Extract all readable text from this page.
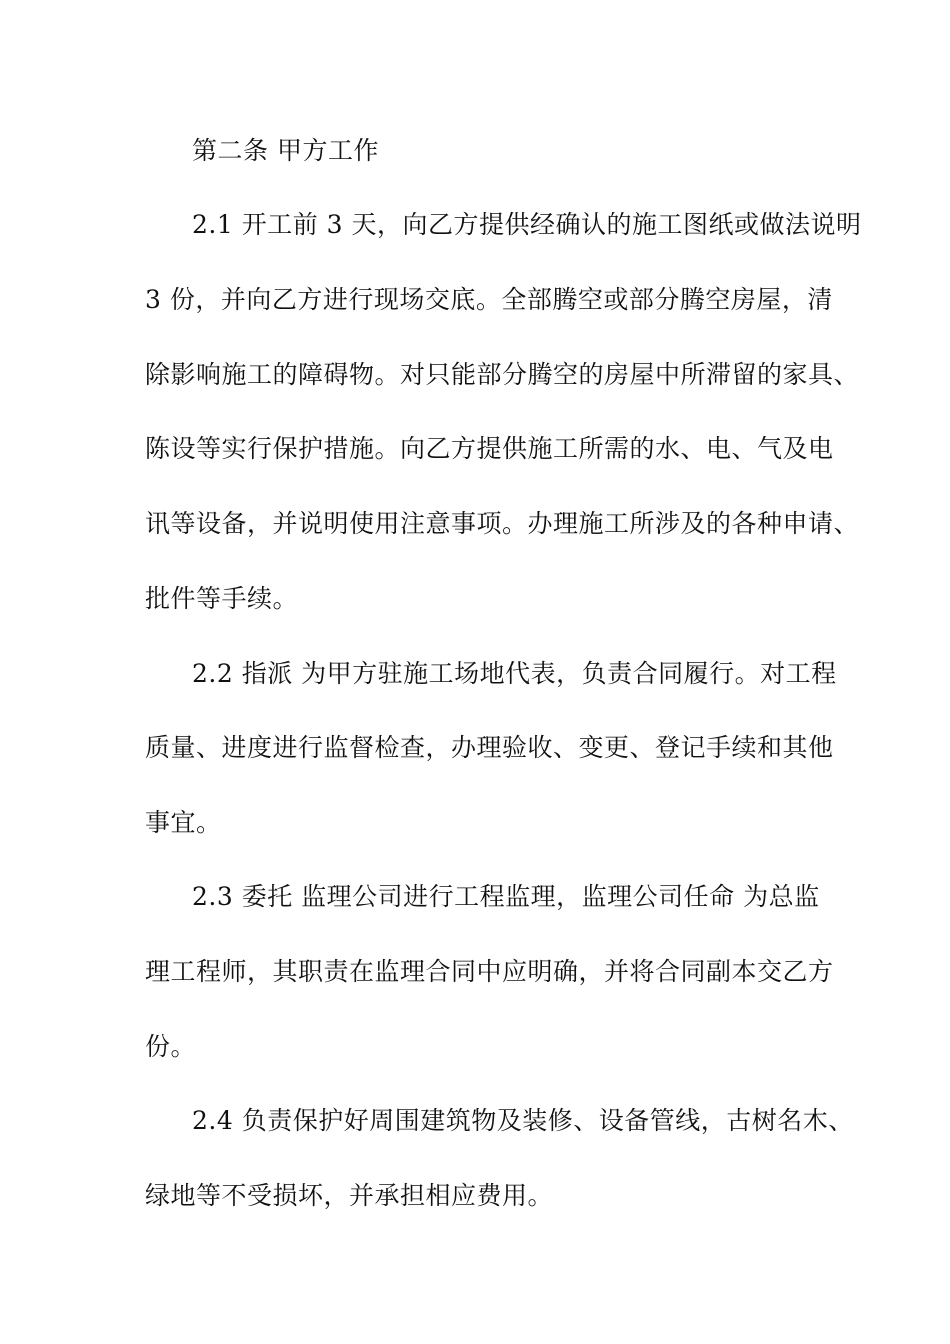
第二条 甲方工作
2.1 开工前 3 天，向乙方提供经确认的施工图纸或做法说明
3 份，并向乙方进行现场交底。全部腾空或部分腾空房屋，清
除影响施工的障碍物。对只能部分腾空的房屋中所滞留的家具、
陈设等实行保护措施。向乙方提供施工所需的水、电、气及电
讯等设备，并说明使用注意事项。办理施工所涉及的各种申请、
批件等手续。
2.2 指派 为甲方驻施工场地代表，负责合同履行。对工程
质量、进度进行监督检查，办理验收、变更、登记手续和其他
事宜。
2.3 委托 监理公司进行工程监理，监理公司任命 为总监
理工程师，其职责在监理合同中应明确，并将合同副本交乙方
份。
2.4 负责保护好周围建筑物及装修、设备管线，古树名木、
绿地等不受损坏，并承担相应费用。
